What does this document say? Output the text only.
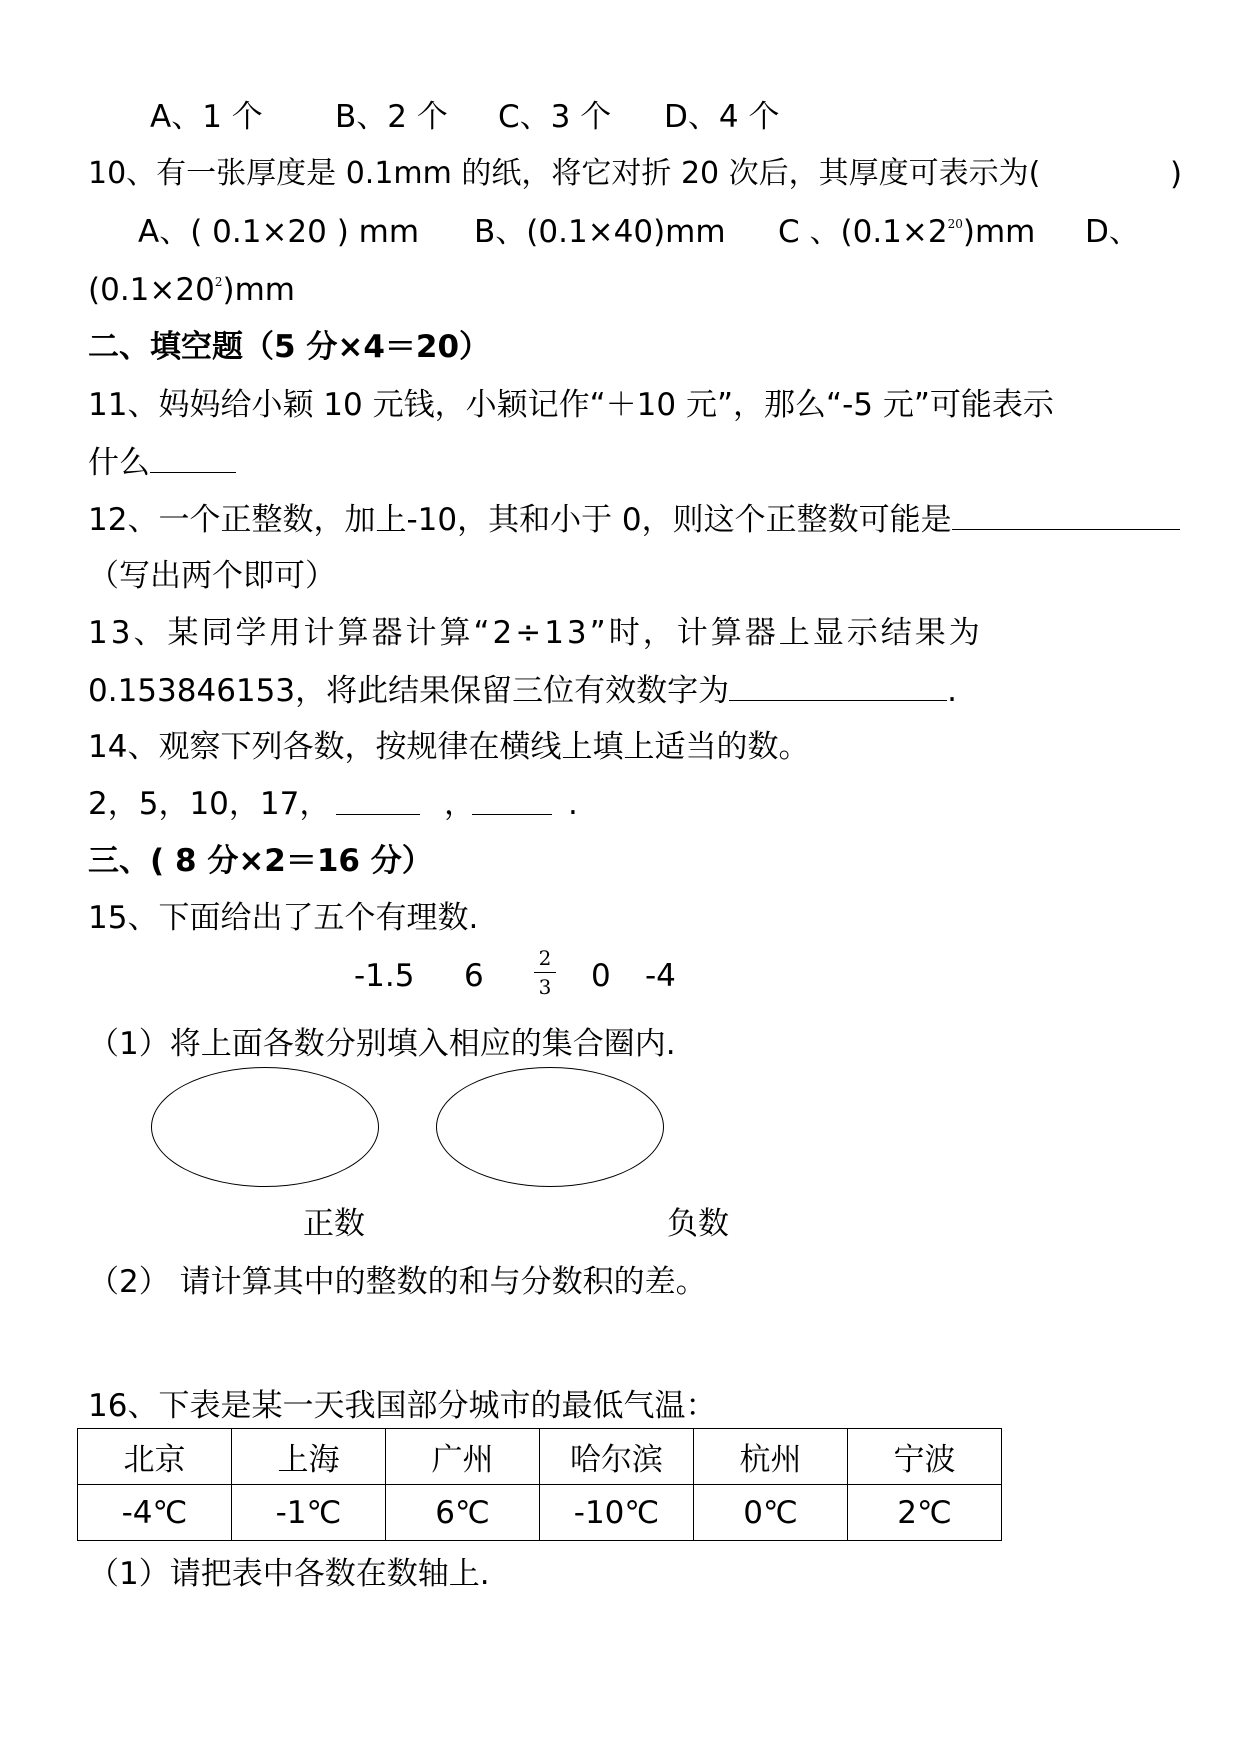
A、1 个 B、2 个 C、3 个 D、4 个
10、有一张厚度是 0.1mm 的纸，将它对折 20 次后，其厚度可表示为(	)
A、( 0.1×20 ) mm B、(0.1×40)mm C 、$(0.1\times 2^{20})mm$ D、
$(0.1\times 20^2)mm$
二、填空题（5 分×4＝20）
11、妈妈给小颖 10 元钱，小颖记作“＋10 元”，那么“-5 元”可能表示
什么
12、一个正整数，加上-10，其和小于 0，则这个正整数可能是
（写出两个即可）
13、某同学用计算器计算“2÷13”时，计算器上显示结果为
0.153846153，将此结果保留三位有效数字为	.
14、观察下列各数，按规律在横线上填上适当的数。
2，5，10，17，	，	.
三、( 8 分×2＝16 分）
15、下面给出了五个有理数.
-1.5 6	2
3 0 -4
（1）将上面各数分别填入相应的集合圈内.
正数	负数
（2） 请计算其中的整数的和与分数积的差。
16、下表是某一天我国部分城市的最低气温：
北京	上海	广州	哈尔滨	杭州	宁波
-4℃	-1℃	6℃	-10℃	0℃	2℃
（1）请把表中各数在数轴上.
